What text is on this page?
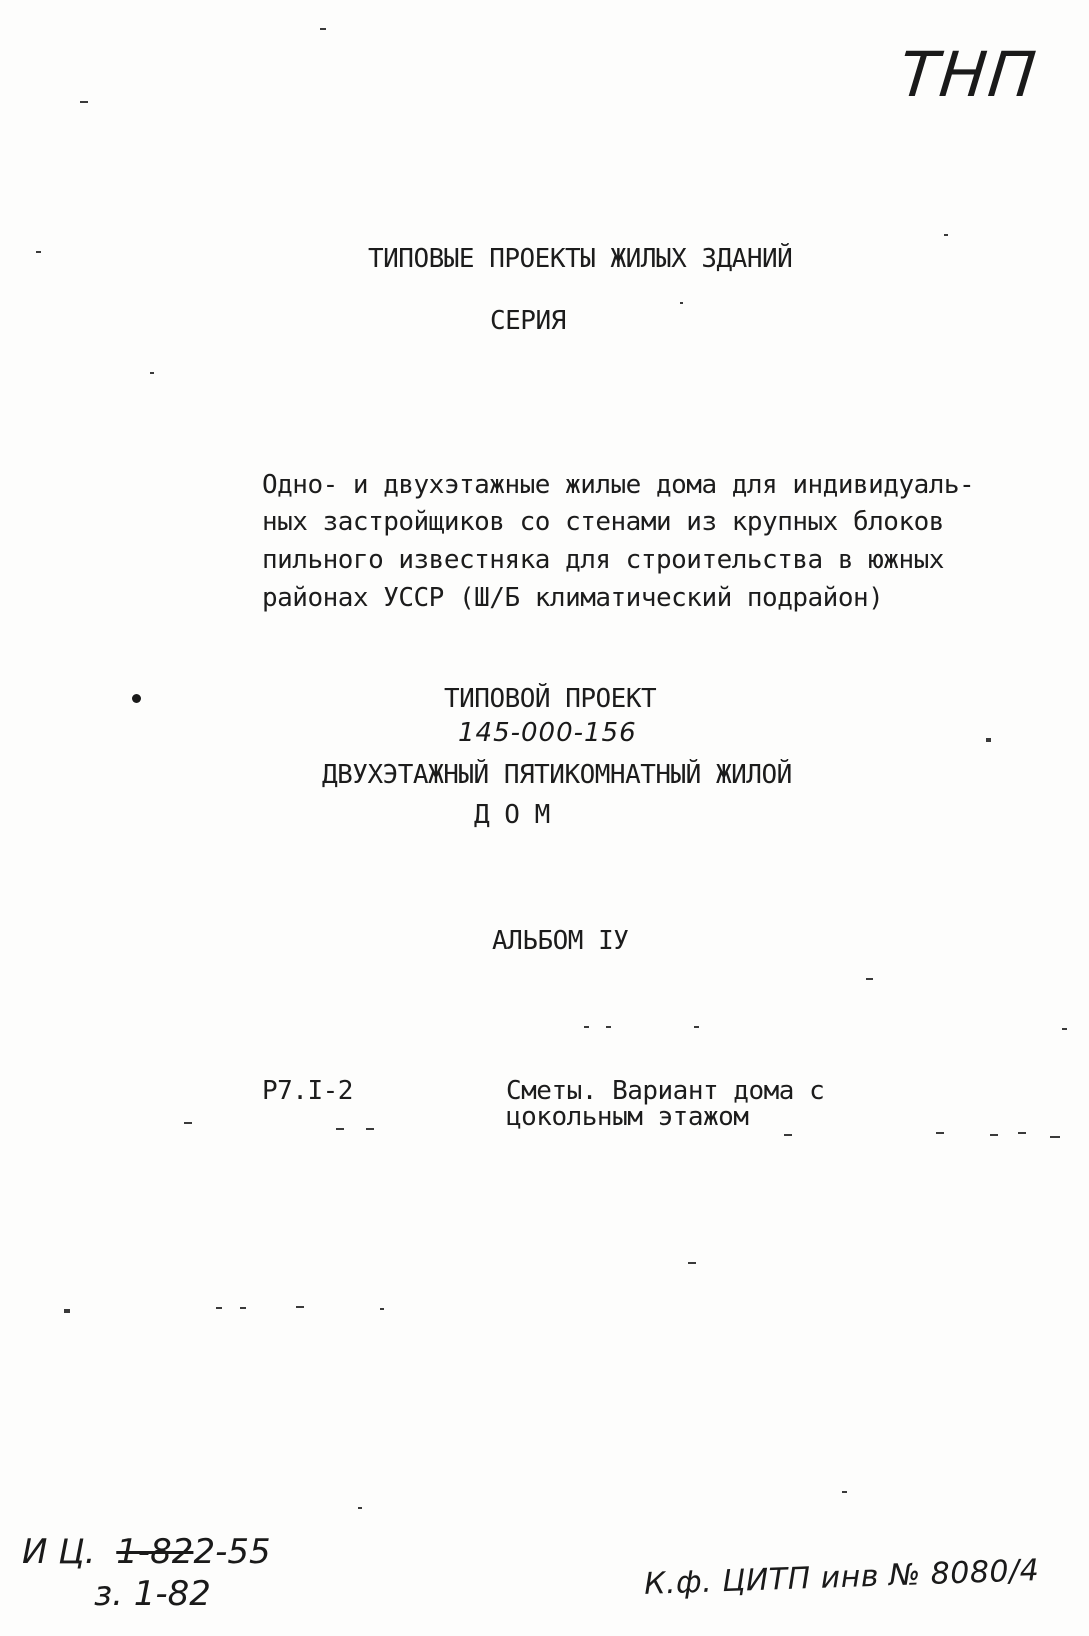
ТНП
ТИПОВЫЕ ПРОЕКТЫ ЖИЛЫХ ЗДАНИЙ
СЕРИЯ
Одно- и двухэтажные жилые дома для индивидуаль-
ных застройщиков со стенами из крупных блоков
пильного известняка для строительства в южных
районах УССР (Ш/Б климатический подрайон)
ТИПОВОЙ ПРОЕКТ
145-000-156
ДВУХЭТАЖНЫЙ ПЯТИКОМНАТНЫЙ ЖИЛОЙ
Д О М
АЛЬБОМ IУ
Р7.I-2	Сметы. Вариант дома с
цокольным этажом
И Ц. 1-822-55
з. 1-82	К.ф. ЦИТП инв № 8080/4
